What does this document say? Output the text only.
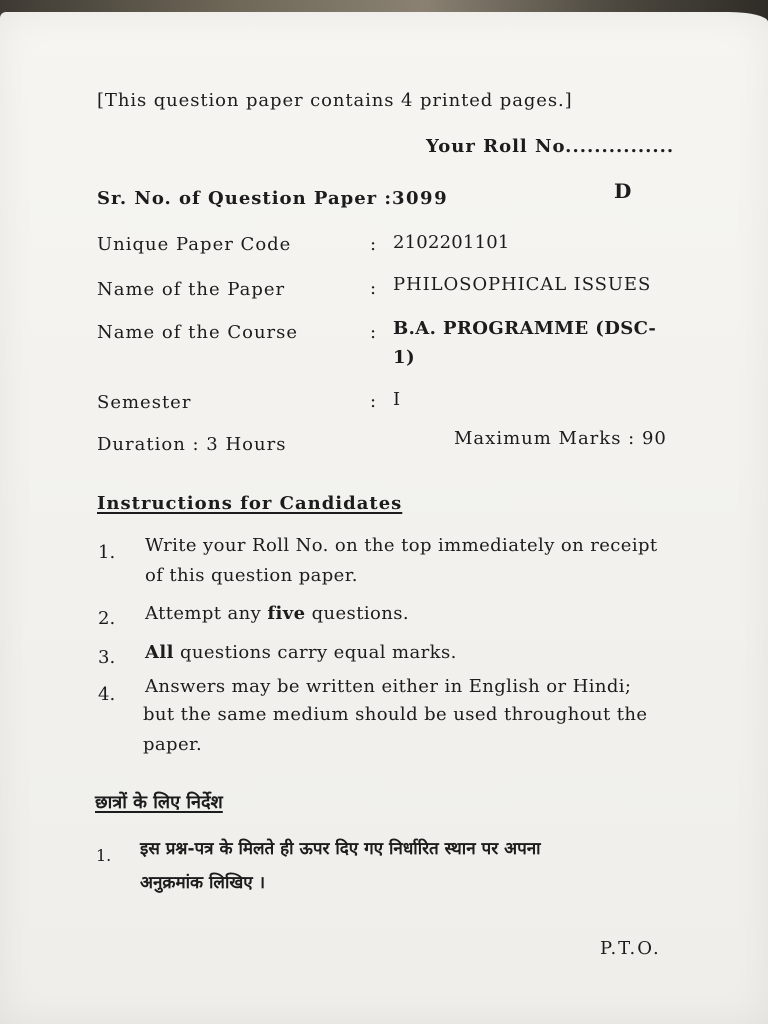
[This question paper contains 4 printed pages.]
Your Roll No...............
Sr. No. of Question Paper : 3099	D
Unique Paper Code	: 2102201101
Name of the Paper	: PHILOSOPHICAL ISSUES
Name of the Course	: B.A. PROGRAMME (DSC-
1)
Semester	: I
Duration : 3 Hours	Maximum Marks : 90
Instructions for Candidates
1. Write your Roll No. on the top immediately on receipt
of this question paper.
2. Attempt any five questions.
3. All questions carry equal marks.
4. Answers may be written either in English or Hindi;
but the same medium should be used throughout the
paper.
छात्रों के लिए निर्देश
1. इस प्रश्न-पत्र के मिलते ही ऊपर दिए गए निर्धारित स्थान पर अपना
अनुक्रमांक लिखिए ।
P.T.O.
